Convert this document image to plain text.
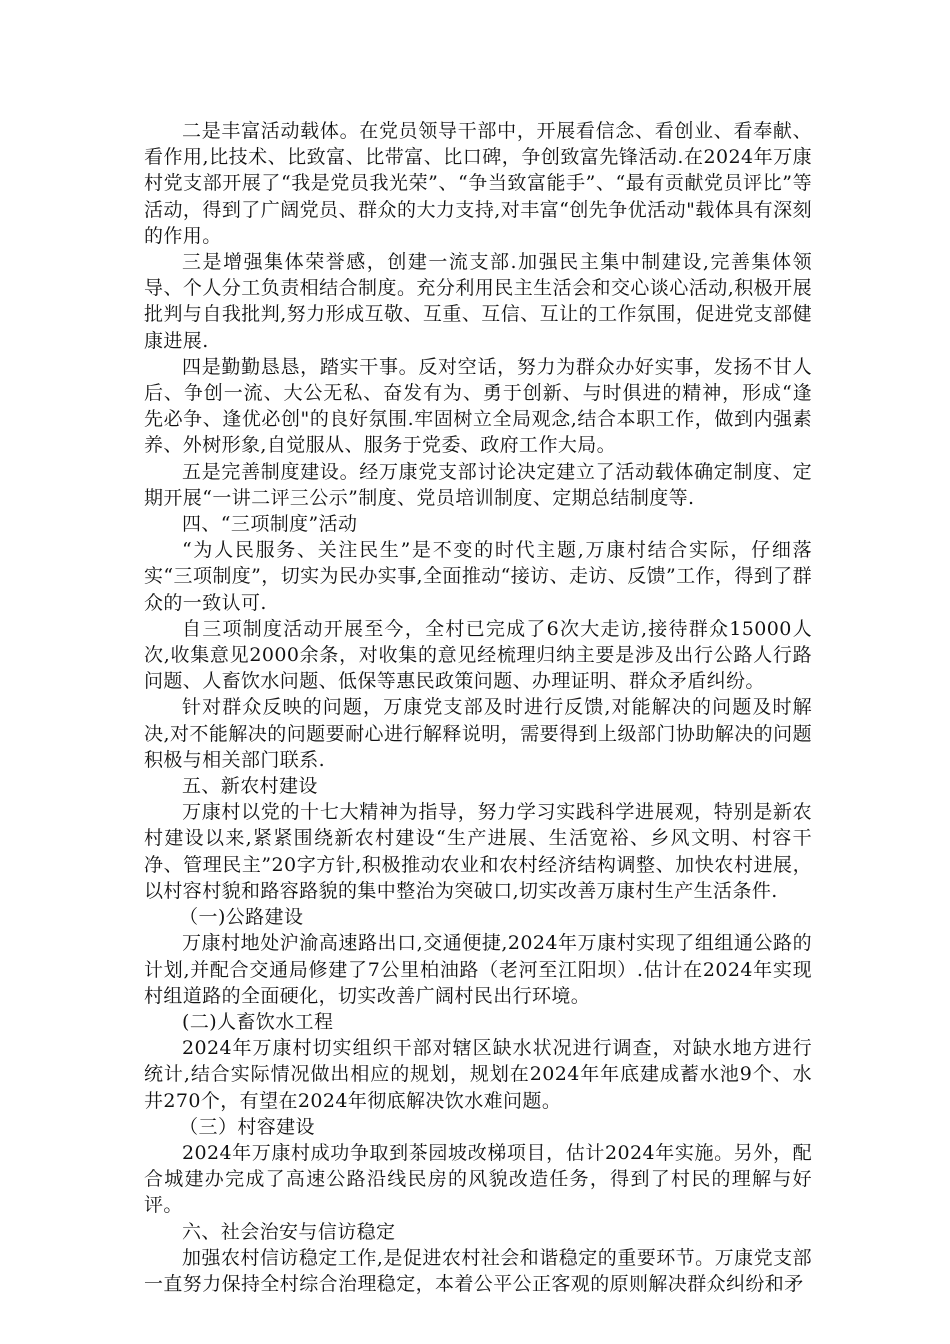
二是丰富活动载体。在党员领导干部中，开展看信念、看创业、看奉献、看作用,比技术、比致富、比带富、比口碑，争创致富先锋活动.在2024年万康村党支部开展了“我是党员我光荣”、“争当致富能手”、“最有贡献党员评比”等活动，得到了广阔党员、群众的大力支持,对丰富“创先争优活动"载体具有深刻的作用。

三是增强集体荣誉感，创建一流支部.加强民主集中制建设,完善集体领导、个人分工负责相结合制度。充分利用民主生活会和交心谈心活动,积极开展批判与自我批判,努力形成互敬、互重、互信、互让的工作氛围，促进党支部健康进展.

四是勤勤恳恳，踏实干事。反对空话，努力为群众办好实事，发扬不甘人后、争创一流、大公无私、奋发有为、勇于创新、与时俱进的精神，形成“逢先必争、逢优必创"的良好氛围.牢固树立全局观念,结合本职工作，做到内强素养、外树形象,自觉服从、服务于党委、政府工作大局。

五是完善制度建设。经万康党支部讨论决定建立了活动载体确定制度、定期开展“一讲二评三公示”制度、党员培训制度、定期总结制度等.

四、“三项制度”活动

“为人民服务、关注民生”是不变的时代主题,万康村结合实际，仔细落实“三项制度”，切实为民办实事,全面推动“接访、走访、反馈”工作，得到了群众的一致认可.

自三项制度活动开展至今，全村已完成了6次大走访,接待群众15000人次,收集意见2000余条，对收集的意见经梳理归纳主要是涉及出行公路人行路问题、人畜饮水问题、低保等惠民政策问题、办理证明、群众矛盾纠纷。

针对群众反映的问题，万康党支部及时进行反馈,对能解决的问题及时解决,对不能解决的问题要耐心进行解释说明，需要得到上级部门协助解决的问题积极与相关部门联系.

五、新农村建设

万康村以党的十七大精神为指导，努力学习实践科学进展观，特别是新农村建设以来,紧紧围绕新农村建设“生产进展、生活宽裕、乡风文明、村容干净、管理民主”20字方针,积极推动农业和农村经济结构调整、加快农村进展，以村容村貌和路容路貌的集中整治为突破口,切实改善万康村生产生活条件.

（一)公路建设

万康村地处沪渝高速路出口,交通便捷,2024年万康村实现了组组通公路的计划,并配合交通局修建了7公里柏油路（老河至江阳坝）.估计在2024年实现村组道路的全面硬化，切实改善广阔村民出行环境。

(二)人畜饮水工程

2024年万康村切实组织干部对辖区缺水状况进行调查，对缺水地方进行统计,结合实际情况做出相应的规划，规划在2024年年底建成蓄水池9个、水井270个，有望在2024年彻底解决饮水难问题。

（三）村容建设

2024年万康村成功争取到茶园坡改梯项目，估计2024年实施。另外，配合城建办完成了高速公路沿线民房的风貌改造任务，得到了村民的理解与好评。

六、社会治安与信访稳定

加强农村信访稳定工作,是促进农村社会和谐稳定的重要环节。万康党支部一直努力保持全村综合治理稳定，本着公平公正客观的原则解决群众纠纷和矛
